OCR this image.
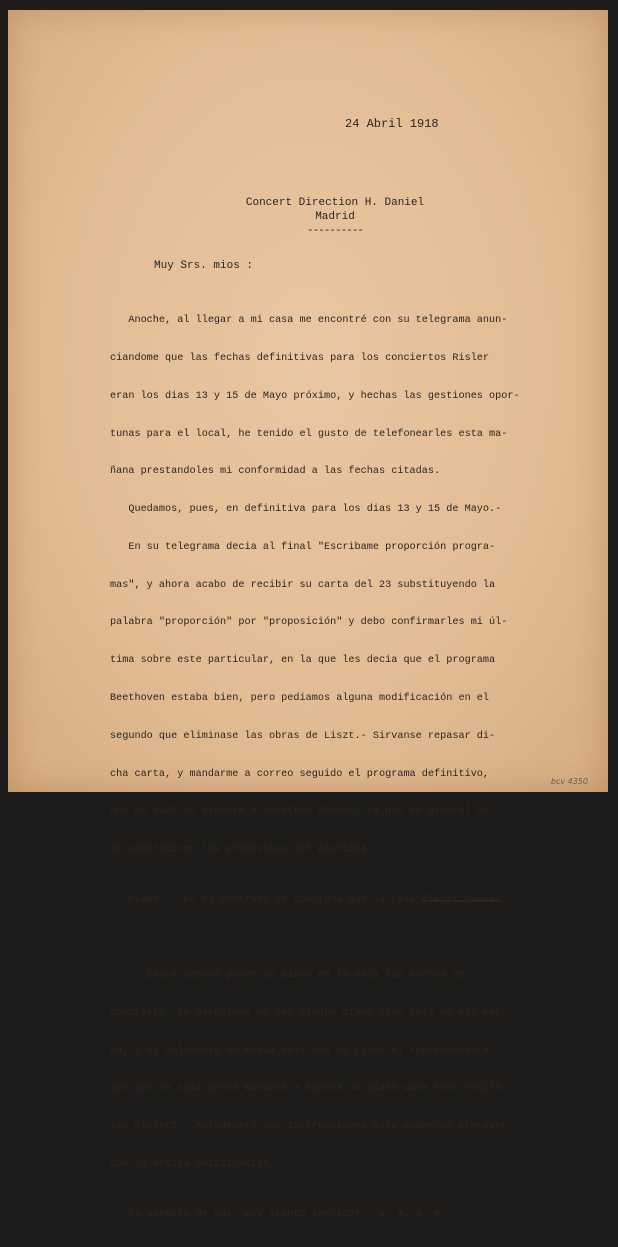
24 Abril 1918
Concert Direction H. Daniel
Madrid
----------
Muy Srs. mios :

Anoche, al llegar a mi casa me encontré con su telegrama anun-

ciandome que las fechas definitivas para los conciertos Risler

eran los dias 13 y 15 de Mayo próximo, y hechas las gestiones opor-

tunas para el local, he tenido el gusto de telefonearles esta ma-

ñana prestandoles mi conformidad a las fechas citadas.

Quedamos, pues, en definitiva para los dias 13 y 15 de Mayo.-

En su telegrama decia al final "Escribame proporción progra-

mas", y ahora acabo de recibir su carta del 23 substituyendo la

palabra "proporción" por "proposición" y debo confirmarles mi úl-

tima sobre este particular, en la que les decia que el programa

Beethoven estaba bien, pero pediamos alguna modificación en el

segundo que eliminase las obras de Liszt.- Sirvanse repasar di-

cha carta, y mandarme a correo seguido el programa definitivo,

que no dudo se atendrá a nuestros deseos, ya que en general no

se contradicen los propósitos del pianista.-

PIANO -  En el contrato se consigna que la casa Pleyel Gaveau

-------

Erard deberá poner un piano en la sala las noches de

concierto. En Barcelona no hay ningún piano gran cola de esa mar-

ca, y si solamente un media cola que lo tiene el representante.-

¿Es que la casa Erard mandará a España un piano para esos recita-

les Risler? - Agradeceré sus instrucciones para podernos precaver

con la debida anticipación.-

Es siempre de Vds. muy atento servidor   q. e. s. m.

bcv 4350
